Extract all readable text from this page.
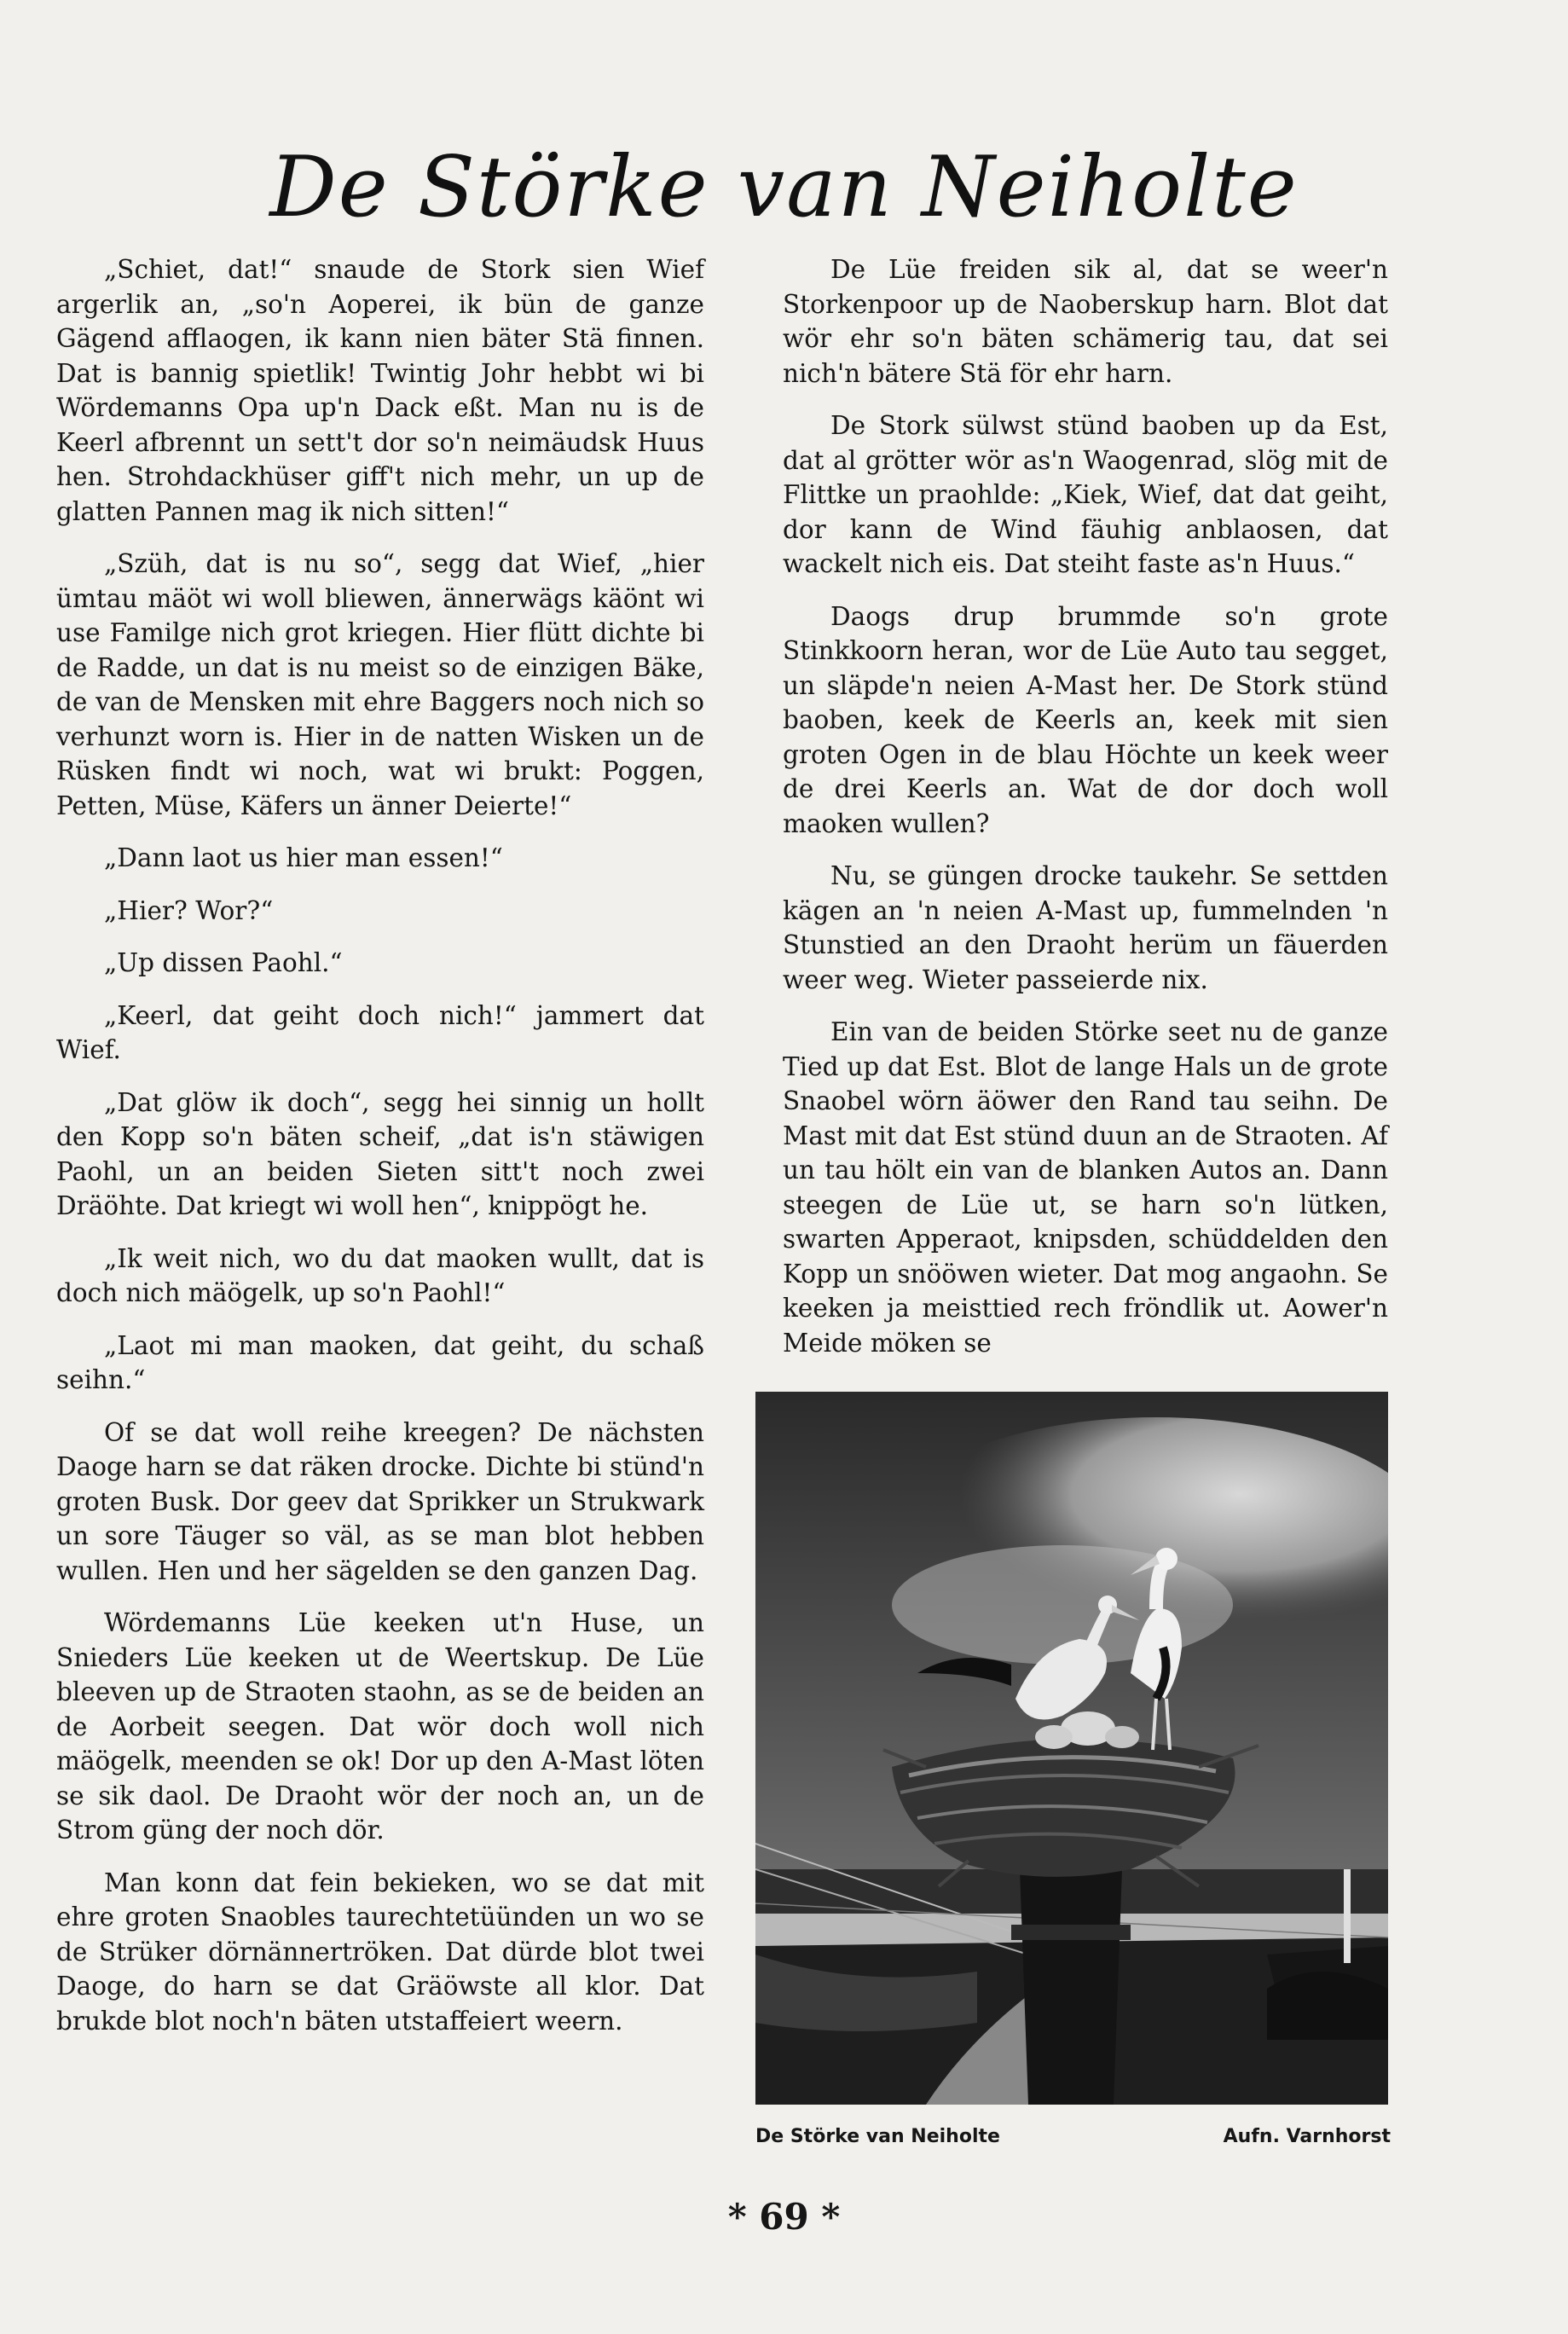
De Störke van Neiholte

„Schiet, dat!“ snaude de Stork sien Wief argerlik an, „so'n Aoperei, ik bün de ganze Gägend afflaogen, ik kann nien bäter Stä finnen. Dat is bannig spietlik! Twintig Johr hebbt wi bi Wördemanns Opa up'n Dack eßt. Man nu is de Keerl afbrennt un sett't dor so'n neimäudsk Huus hen. Strohdackhüser giff't nich mehr, un up de glatten Pannen mag ik nich sitten!“

„Szüh, dat is nu so“, segg dat Wief, „hier ümtau mäöt wi woll bliewen, ännerwägs käönt wi use Familge nich grot kriegen. Hier flütt dichte bi de Radde, un dat is nu meist so de einzigen Bäke, de van de Mensken mit ehre Baggers noch nich so verhunzt worn is. Hier in de natten Wisken un de Rüsken findt wi noch, wat wi brukt: Poggen, Petten, Müse, Käfers un änner Deierte!“

„Dann laot us hier man essen!“

„Hier? Wor?“

„Up dissen Paohl.“

„Keerl, dat geiht doch nich!“ jammert dat Wief.

„Dat glöw ik doch“, segg hei sinnig un hollt den Kopp so'n bäten scheif, „dat is'n stäwigen Paohl, un an beiden Sieten sitt't noch zwei Dräöhte. Dat kriegt wi woll hen“, knippögt he.

„Ik weit nich, wo du dat maoken wullt, dat is doch nich mäögelk, up so'n Paohl!“

„Laot mi man maoken, dat geiht, du schaß seihn.“

Of se dat woll reihe kreegen? De nächsten Daoge harn se dat räken drocke. Dichte bi stünd'n groten Busk. Dor geev dat Sprikker un Strukwark un sore Täuger so väl, as se man blot hebben wullen. Hen und her sägelden se den ganzen Dag.

Wördemanns Lüe keeken ut'n Huse, un Snieders Lüe keeken ut de Weertskup. De Lüe bleeven up de Straoten staohn, as se de beiden an de Aorbeit seegen. Dat wör doch woll nich mäögelk, meenden se ok! Dor up den A-Mast löten se sik daol. De Draoht wör der noch an, un de Strom güng der noch dör.

Man konn dat fein bekieken, wo se dat mit ehre groten Snaobles taurechtetüünden un wo se de Strüker dörnännertröken. Dat dürde blot twei Daoge, do harn se dat Gräöwste all klor. Dat brukde blot noch'n bäten utstaffeiert weern.

De Lüe freiden sik al, dat se weer'n Storkenpoor up de Naoberskup harn. Blot dat wör ehr so'n bäten schämerig tau, dat sei nich'n bätere Stä för ehr harn.

De Stork sülwst stünd baoben up da Est, dat al grötter wör as'n Waogenrad, slög mit de Flittke un praohlde: „Kiek, Wief, dat dat geiht, dor kann de Wind fäuhig anblaosen, dat wackelt nich eis. Dat steiht faste as'n Huus.“

Daogs drup brummde so'n grote Stinkkoorn heran, wor de Lüe Auto tau segget, un släpde'n neien A-Mast her. De Stork stünd baoben, keek de Keerls an, keek mit sien groten Ogen in de blau Höchte un keek weer de drei Keerls an. Wat de dor doch woll maoken wullen?

Nu, se güngen drocke taukehr. Se settden kägen an 'n neien A-Mast up, fummelnden 'n Stunstied an den Draoht herüm un fäuerden weer weg. Wieter passeierde nix.

Ein van de beiden Störke seet nu de ganze Tied up dat Est. Blot de lange Hals un de grote Snaobel wörn äöwer den Rand tau seihn. De Mast mit dat Est stünd duun an de Straoten. Af un tau hölt ein van de blanken Autos an. Dann steegen de Lüe ut, se harn so'n lütken, swarten Apperaot, knipsden, schüddelden den Kopp un snööwen wieter. Dat mog angaohn. Se keeken ja meisttied rech fröndlik ut. Aower'n Meide möken se

De Störke van Neiholte	Aufn. Varnhorst
* 69 *
